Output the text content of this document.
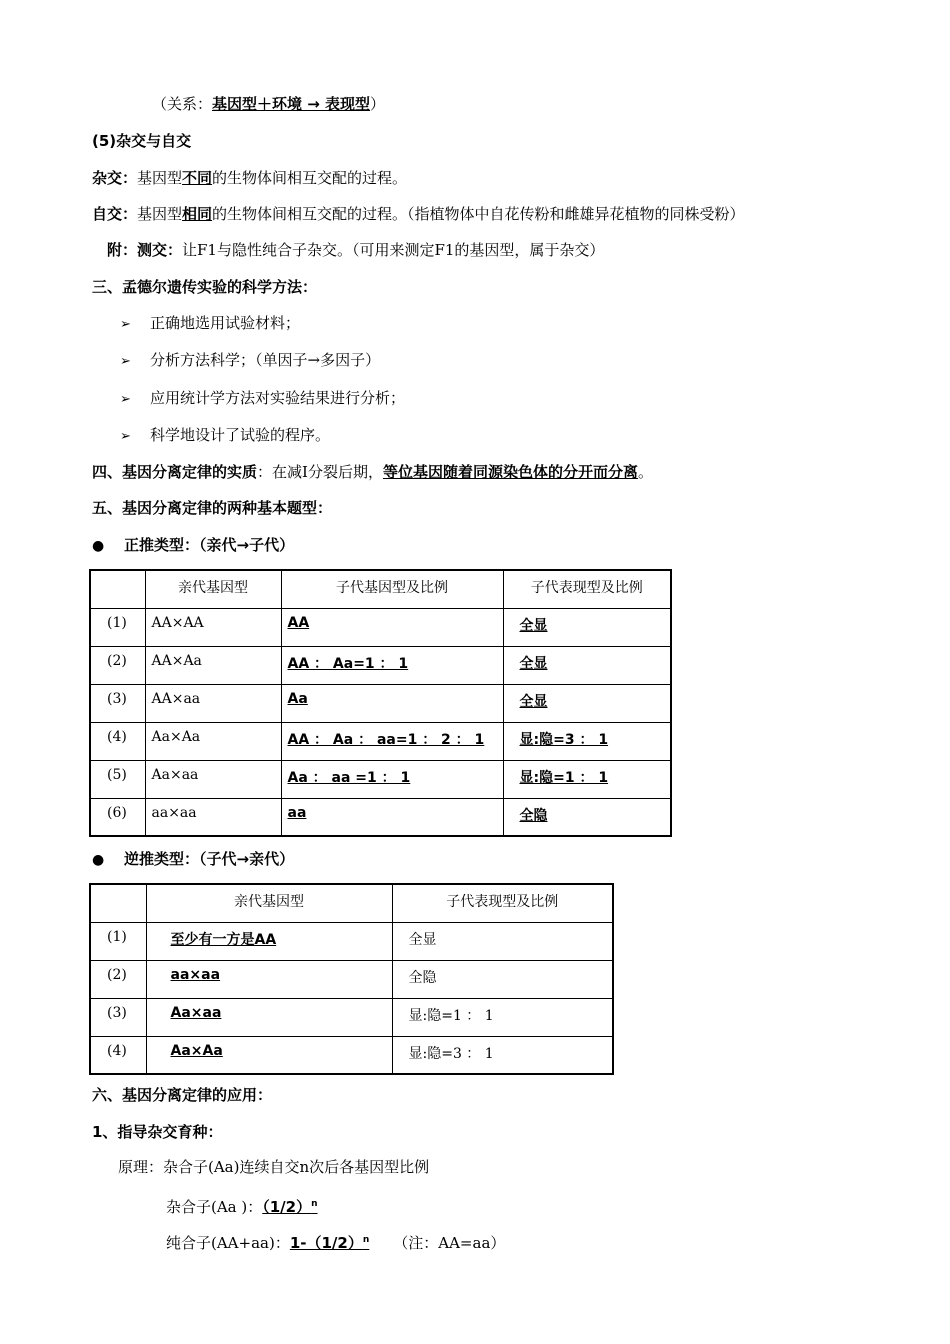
（关系：基因型＋环境 → 表现型）
(5)杂交与自交
杂交：基因型不同的生物体间相互交配的过程。
自交：基因型相同的生物体间相互交配的过程。（指植物体中自花传粉和雌雄异花植物的同株受粉）
附：测交：让F1与隐性纯合子杂交。（可用来测定F1的基因型，属于杂交）
三、孟德尔遗传实验的科学方法：
➢ 正确地选用试验材料；
➢ 分析方法科学；（单因子→多因子）
➢ 应用统计学方法对实验结果进行分析；
➢ 科学地设计了试验的程序。
四、基因分离定律的实质：在减Ⅰ分裂后期，等位基因随着同源染色体的分开而分离。
五、基因分离定律的两种基本题型：
● 正推类型：（亲代→子代）
	亲代基因型	子代基因型及比例	子代表现型及比例
(1)	AA×AA	AA	全显
(2)	AA×Aa	AA ： Aa=1 ： 1	全显
(3)	AA×aa	Aa	全显
(4)	Aa×Aa	AA ： Aa ： aa=1 ： 2 ： 1	显:隐=3 ： 1
(5)	Aa×aa	Aa ： aa =1 ： 1	显:隐=1 ： 1
(6)	aa×aa	aa	全隐
● 逆推类型：（子代→亲代）
	亲代基因型	子代表现型及比例
(1)	至少有一方是AA	全显
(2)	aa×aa	全隐
(3)	Aa×aa	显:隐=1 ： 1
(4)	Aa×Aa	显:隐=3 ： 1
六、基因分离定律的应用：
1、指导杂交育种：
原理：杂合子(Aa)连续自交n次后各基因型比例
杂合子(Aa )：$(1/2)^n$
纯合子(AA+aa)：$1-(1/2)^n$ （注：AA=aa）
